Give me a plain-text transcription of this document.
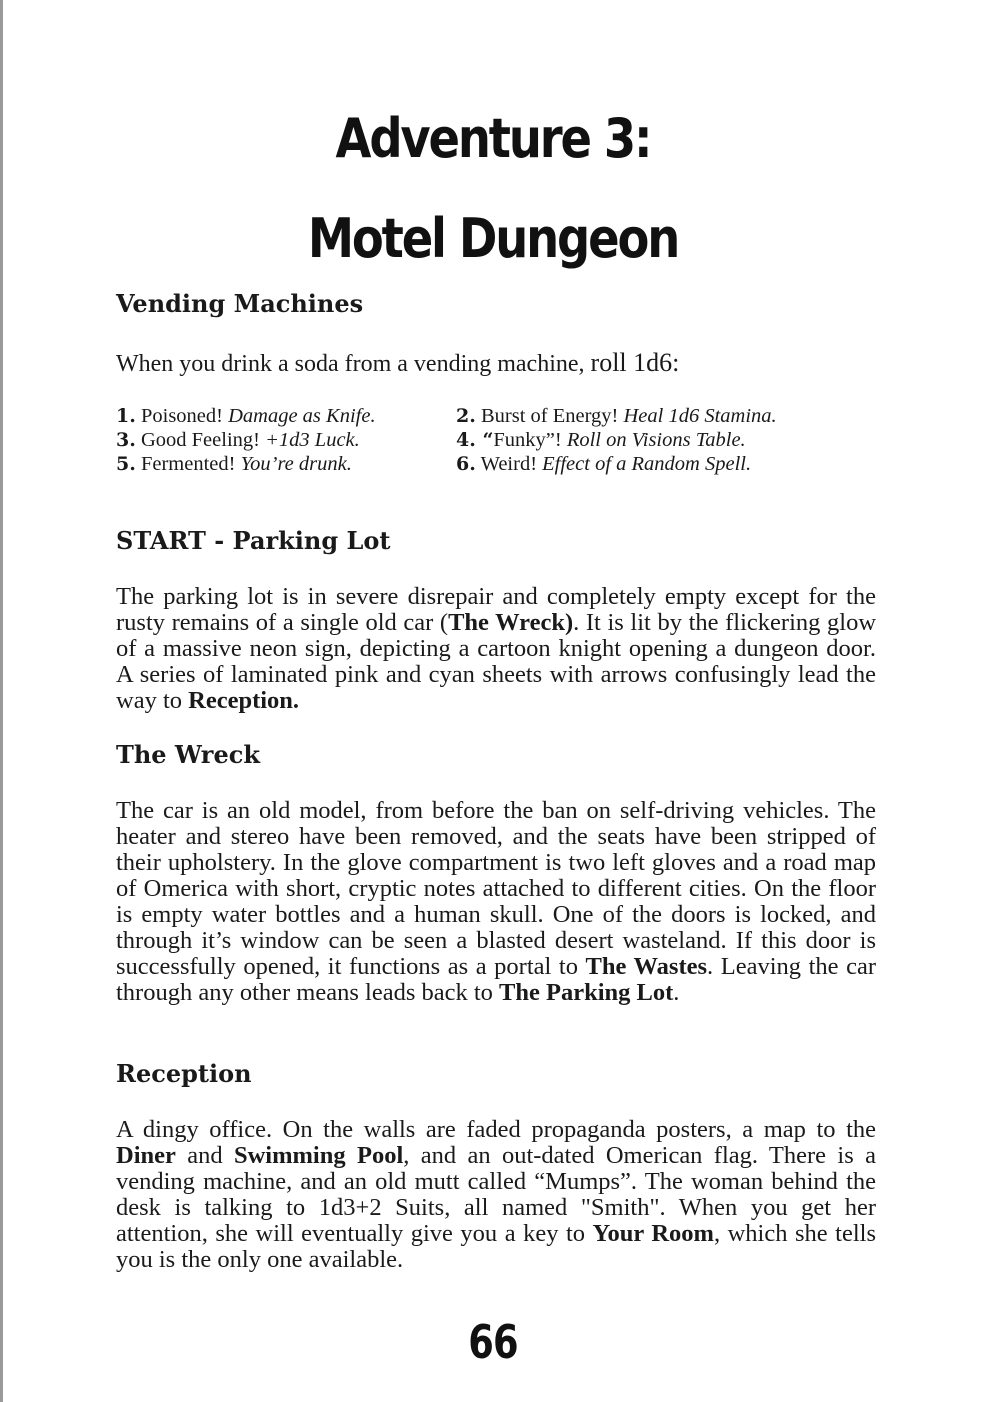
Adventure 3:
Motel Dungeon
Vending Machines

When you drink a soda from a vending machine, roll 1d6:

1. Poisoned! Damage as Knife.	2. Burst of Energy! Heal 1d6 Stamina.
3. Good Feeling! +1d3 Luck.	4. “Funky”! Roll on Visions Table.
5. Fermented! You’re drunk.	6. Weird! Effect of a Random Spell.
START - Parking Lot

The parking lot is in severe disrepair and completely empty except for the rusty remains of a single old car (The Wreck). It is lit by the flickering glow of a massive neon sign, depicting a cartoon knight opening a dungeon door. A series of laminated pink and cyan sheets with arrows confusingly lead the way to Reception.

The Wreck

The car is an old model, from before the ban on self-driving vehicles. The heater and stereo have been removed, and the seats have been stripped of their upholstery. In the glove compartment is two left gloves and a road map of Omerica with short, cryptic notes attached to different cities. On the floor is empty water bottles and a human skull. One of the doors is locked, and through it’s window can be seen a blasted desert wasteland. If this door is successfully opened, it functions as a portal to The Wastes. Leaving the car through any other means leads back to The Parking Lot.

Reception

A dingy office. On the walls are faded propaganda posters, a map to the Diner and Swimming Pool, and an out-dated Omerican flag. There is a vending machine, and an old mutt called “Mumps”. The woman behind the desk is talking to 1d3+2 Suits, all named "Smith". When you get her attention, she will eventually give you a key to Your Room, which she tells you is the only one available.

66
